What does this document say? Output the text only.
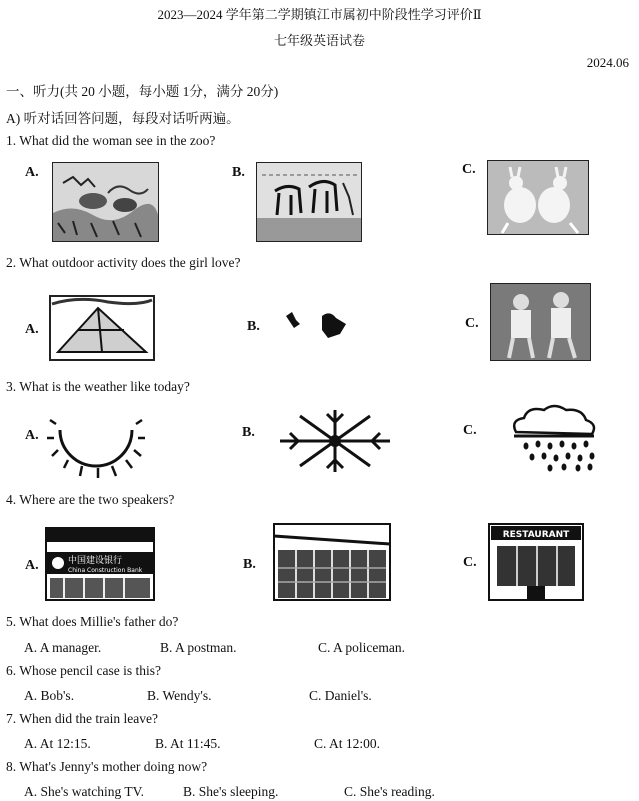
2023—2024 学年第二学期镇江市属初中阶段性学习评价Ⅱ
七年级英语试卷
2024.06
一、听力(共 20 小题，每小题 1分，满分 20分)
A) 听对话回答问题，每段对话听两遍。
1. What did the woman see in the zoo?
A.	B.	C.
2. What outdoor activity does the girl love?
A.	B.	C.
3. What is the weather like today?
A.	B.	C.
4. Where are the two speakers?
A.	中国建设银行
China Construction Bank	B.	C.
RESTAURANT
5. What does Millie's father do?
A. A manager.	B. A postman.	C. A policeman.
6. Whose pencil case is this?
A. Bob's.	B. Wendy's.	C. Daniel's.
7. When did the train leave?
A. At 12:15.	B. At 11:45.	C. At 12:00.
8. What's Jenny's mother doing now?
A. She's watching TV.	B. She's sleeping.	C. She's reading.
